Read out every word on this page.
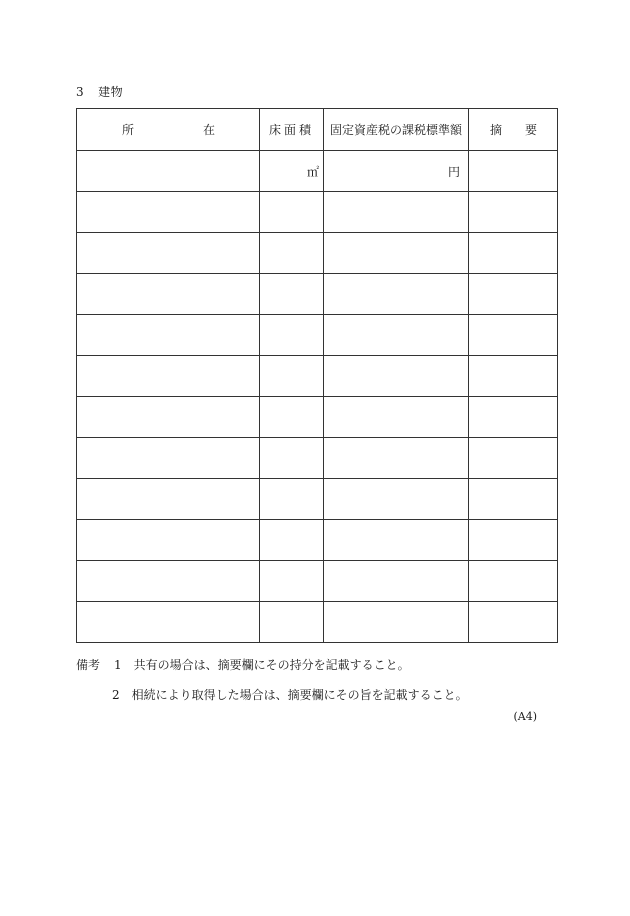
3 建物
所 在	床面積	固定資産税の課税標準額	摘 要

	㎡	円	

備考 1 共有の場合は、摘要欄にその持分を記載すること。
2 相続により取得した場合は、摘要欄にその旨を記載すること。
(A4)
